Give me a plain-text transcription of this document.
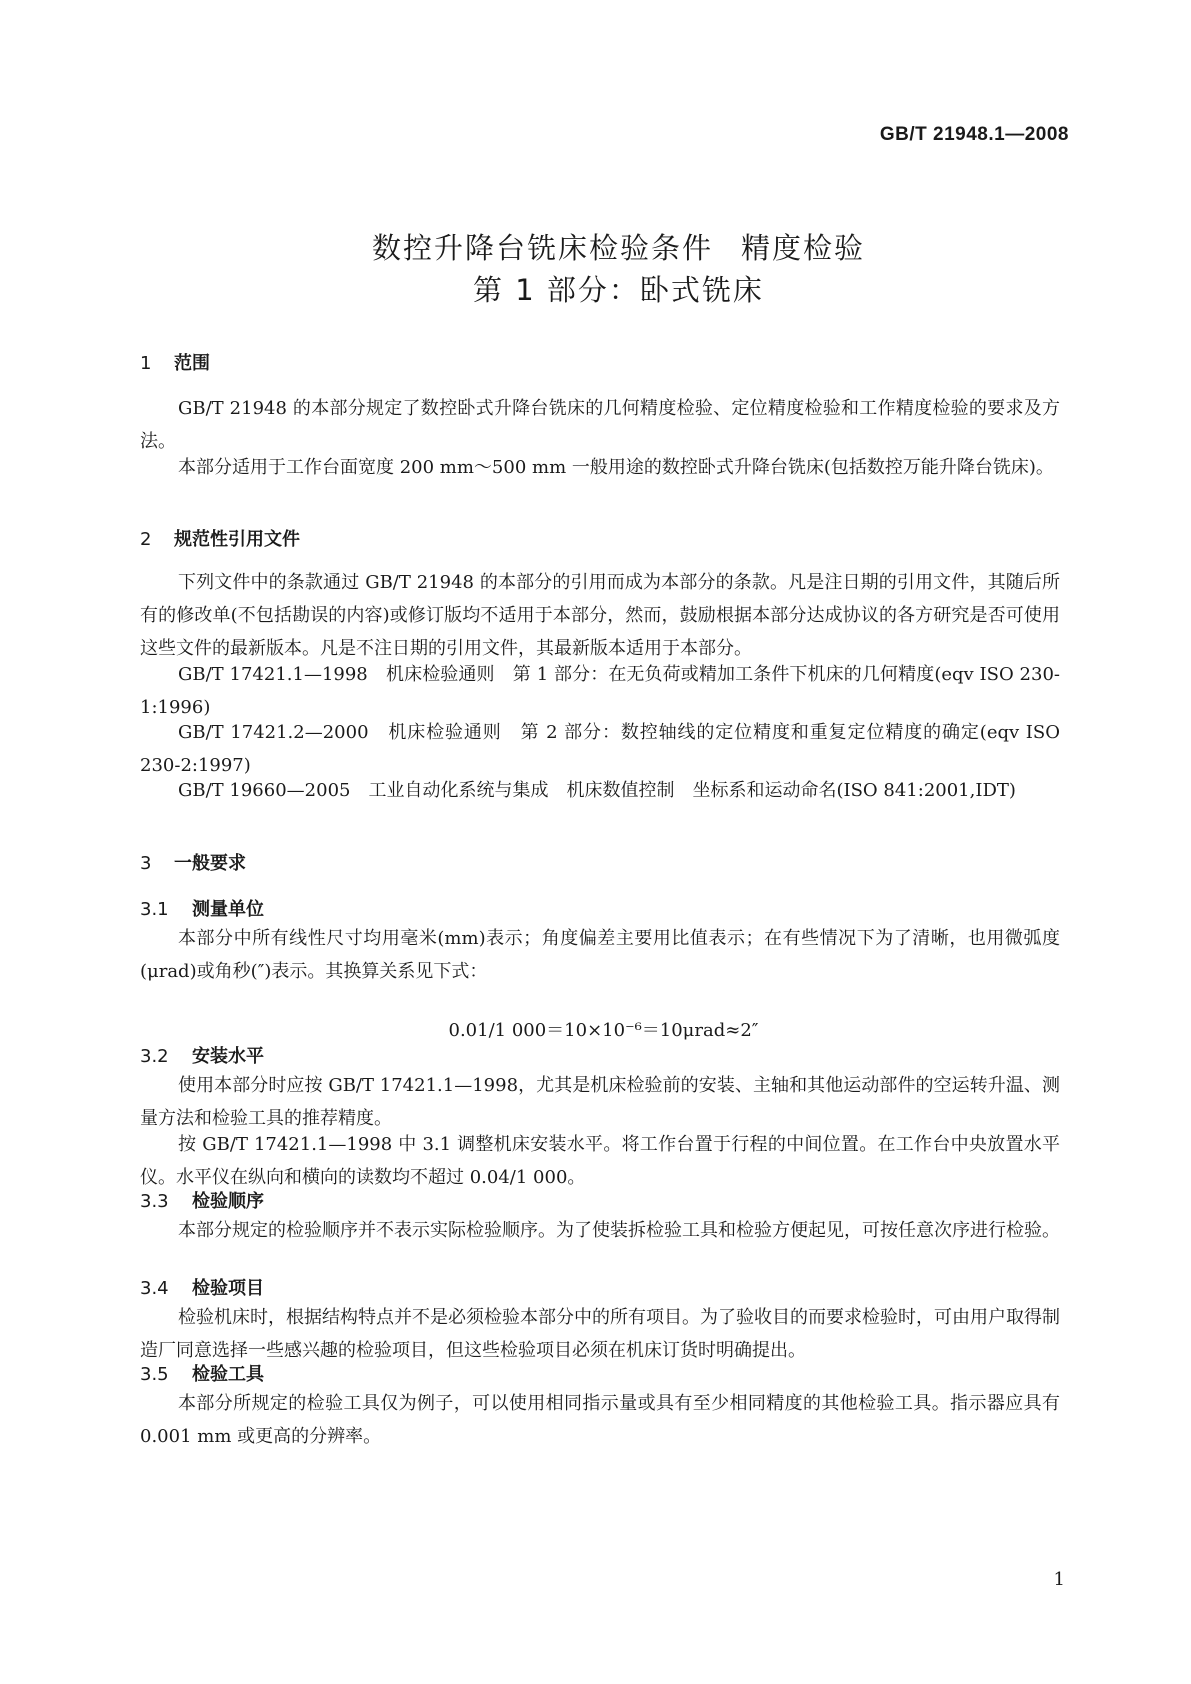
GB/T 21948.1—2008
数控升降台铣床检验条件 精度检验
第 1 部分：卧式铣床
1 范围

GB/T 21948 的本部分规定了数控卧式升降台铣床的几何精度检验、定位精度检验和工作精度检验的要求及方法。

本部分适用于工作台面宽度 200 mm～500 mm 一般用途的数控卧式升降台铣床(包括数控万能升降台铣床)。

2 规范性引用文件

下列文件中的条款通过 GB/T 21948 的本部分的引用而成为本部分的条款。凡是注日期的引用文件，其随后所有的修改单(不包括勘误的内容)或修订版均不适用于本部分，然而，鼓励根据本部分达成协议的各方研究是否可使用这些文件的最新版本。凡是不注日期的引用文件，其最新版本适用于本部分。

GB/T 17421.1—1998　机床检验通则　第 1 部分：在无负荷或精加工条件下机床的几何精度(eqv ISO 230-1:1996)

GB/T 17421.2—2000　机床检验通则　第 2 部分：数控轴线的定位精度和重复定位精度的确定(eqv ISO 230-2:1997)

GB/T 19660—2005　工业自动化系统与集成　机床数值控制　坐标系和运动命名(ISO 841:2001,IDT)

3 一般要求
3.1 测量单位

本部分中所有线性尺寸均用毫米(mm)表示；角度偏差主要用比值表示；在有些情况下为了清晰，也用微弧度(μrad)或角秒(″)表示。其换算关系见下式：

0.01/1 000＝10×10⁻⁶＝10μrad≈2″
3.2 安装水平

使用本部分时应按 GB/T 17421.1—1998，尤其是机床检验前的安装、主轴和其他运动部件的空运转升温、测量方法和检验工具的推荐精度。

按 GB/T 17421.1—1998 中 3.1 调整机床安装水平。将工作台置于行程的中间位置。在工作台中央放置水平仪。水平仪在纵向和横向的读数均不超过 0.04/1 000。

3.3 检验顺序

本部分规定的检验顺序并不表示实际检验顺序。为了使装拆检验工具和检验方便起见，可按任意次序进行检验。

3.4 检验项目

检验机床时，根据结构特点并不是必须检验本部分中的所有项目。为了验收目的而要求检验时，可由用户取得制造厂同意选择一些感兴趣的检验项目，但这些检验项目必须在机床订货时明确提出。

3.5 检验工具

本部分所规定的检验工具仅为例子，可以使用相同指示量或具有至少相同精度的其他检验工具。指示器应具有 0.001 mm 或更高的分辨率。

1
